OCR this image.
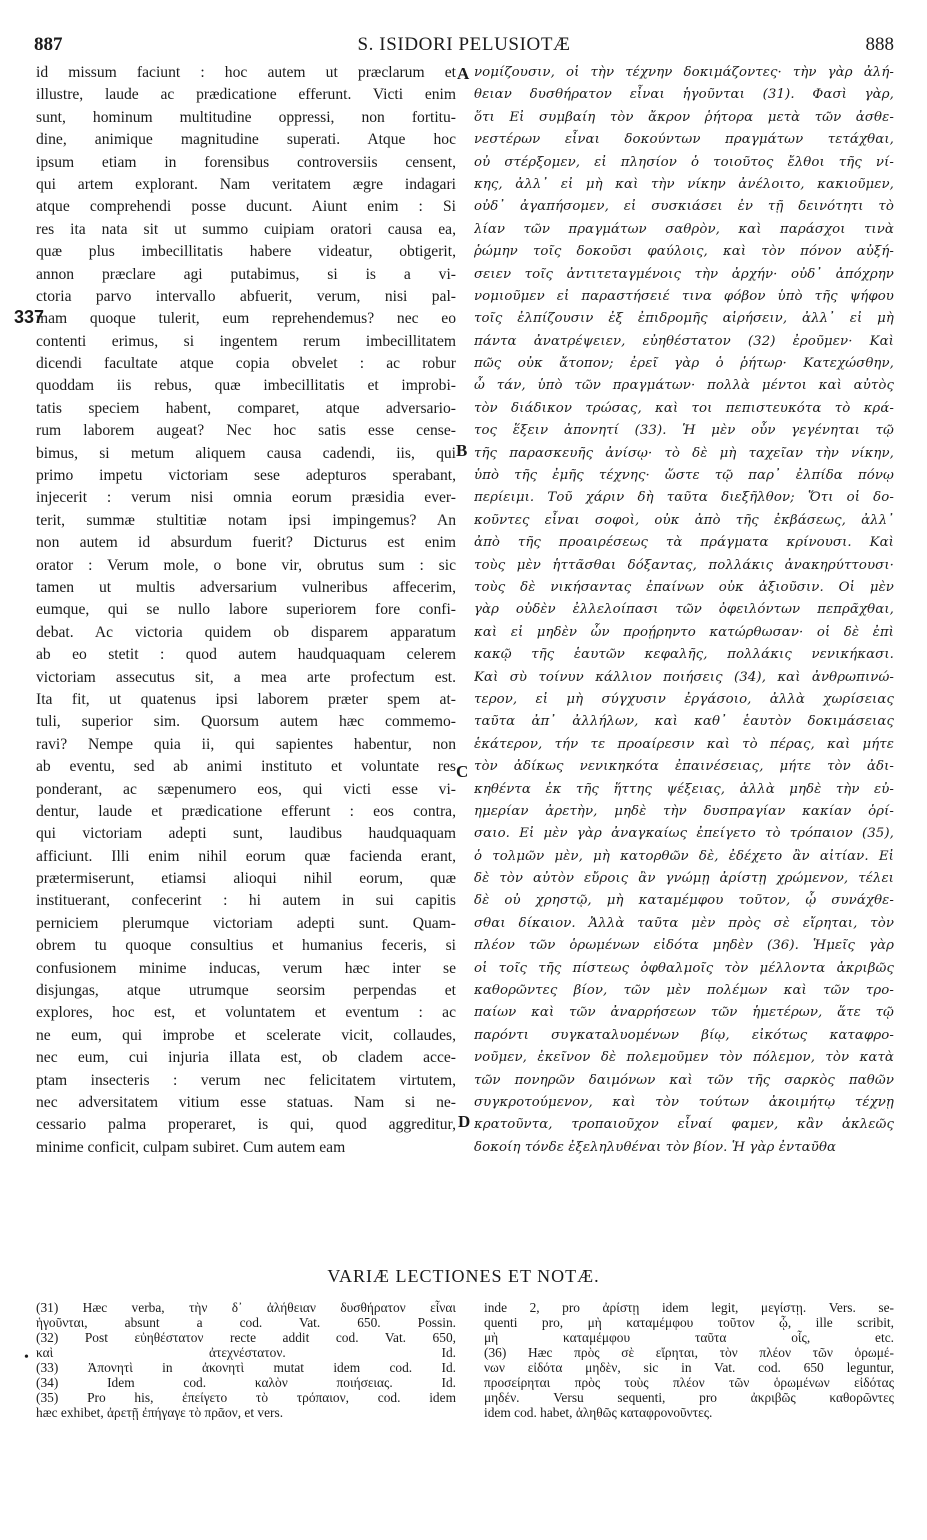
887	S. ISIDORI PELUSIOTÆ	888
337
A
B
C
D
id missum faciunt : hoc autem ut præclarum et
illustre, laude ac prædicatione efferunt. Victi enim
sunt, hominum multitudine oppressi, non fortitu-
dine, animique magnitudine superati. Atque hoc
ipsum etiam in forensibus controversiis censent,
qui artem explorant. Nam veritatem ægre indagari
atque comprehendi posse ducunt. Aiunt enim : Si
res ita nata sit ut summo cuipiam oratori causa ea,
quæ plus imbecillitatis habere videatur, obtigerit,
annon præclare agi putabimus, si is a vi-
ctoria parvo intervallo abfuerit, verum, nisi pal-
mam quoque tulerit, eum reprehendemus? nec eo
contenti erimus, si ingentem rerum imbecillitatem
dicendi facultate atque copia obvelet : ac robur
quoddam iis rebus, quæ imbecillitatis et improbi-
tatis speciem habent, comparet, atque adversario-
rum laborem augeat? Nec hoc satis esse cense-
bimus, si metum aliquem causa cadendi, iis, qui
primo impetu victoriam sese adepturos sperabant,
injecerit : verum nisi omnia eorum præsidia ever-
terit, summæ stultitiæ notam ipsi impingemus? An
non autem id absurdum fuerit? Dicturus est enim
orator : Verum mole, o bone vir, obrutus sum : sic
tamen ut multis adversarium vulneribus affecerim,
eumque, qui se nullo labore superiorem fore confi-
debat. Ac victoria quidem ob disparem apparatum
ab eo stetit : quod autem haudquaquam celerem
victoriam assecutus sit, a mea arte profectum est.
Ita fit, ut quatenus ipsi laborem præter spem at-
tuli, superior sim. Quorsum autem hæc commemo-
ravi? Nempe quia ii, qui sapientes habentur, non
ab eventu, sed ab animi instituto et voluntate res
ponderant, ac sæpenumero eos, qui victi esse vi-
dentur, laude et prædicatione efferunt : eos contra,
qui victoriam adepti sunt, laudibus haudquaquam
afficiunt. Illi enim nihil eorum quæ facienda erant,
prætermiserunt, etiamsi alioqui nihil eorum, quæ
instituerant, confecerint : hi autem in sui capitis
perniciem plerumque victoriam adepti sunt. Quam-
obrem tu quoque consultius et humanius feceris, si
confusionem minime inducas, verum hæc inter se
disjungas, atque utrumque seorsim perpendas et
explores, hoc est, et voluntatem et eventum : ac
ne eum, qui improbe et scelerate vicit, collaudes,
nec eum, cui injuria illata est, ob cladem acce-
ptam insecteris : verum nec felicitatem virtutem,
nec adversitatem vitium esse statuas. Nam si ne-
cessario palma properaret, is qui, quod aggreditur,
minime conficit, culpam subiret. Cum autem eam
νομίζουσιν, οἱ τὴν τέχνην δοκιμάζοντες· τὴν γὰρ ἀλή-
θειαν δυσθήρατον εἶναι ἡγοῦνται (31). Φασὶ γὰρ,
ὅτι Εἰ συμβαίη τὸν ἄκρον ῥήτορα μετὰ τῶν ἀσθε-
νεστέρων εἶναι δοκούντων πραγμάτων τετάχθαι,
οὐ στέρξομεν, εἰ πλησίον ὁ τοιοῦτος ἔλθοι τῆς νί-
κης, ἀλλ᾽ εἰ μὴ καὶ τὴν νίκην ἀνέλοιτο, κακιοῦμεν,
οὐδ᾽ ἀγαπήσομεν, εἰ συσκιάσει ἐν τῇ δεινότητι τὸ
λίαν τῶν πραγμάτων σαθρὸν, καὶ παράσχοι τινὰ
ῥώμην τοῖς δοκοῦσι φαύλοις, καὶ τὸν πόνον αὐξή-
σειεν τοῖς ἀντιτεταγμένοις τὴν ἀρχήν· οὐδ᾽ ἀπόχρην
νομιοῦμεν εἰ παραστήσειέ τινα φόβον ὑπὸ τῆς ψήφου
τοῖς ἐλπίζουσιν ἐξ ἐπιδρομῆς αἱρήσειν, ἀλλ᾽ εἰ μὴ
πάντα ἀνατρέψειεν, εὐηθέστατον (32) ἐροῦμεν· Καὶ
πῶς οὐκ ἄτοπον; ἐρεῖ γὰρ ὁ ῥήτωρ· Κατεχώσθην,
ὦ τάν, ὑπὸ τῶν πραγμάτων· πολλὰ μέντοι καὶ αὐτὸς
τὸν διάδικον τρώσας, καὶ τοι πεπιστευκότα τὸ κρά-
τος ἕξειν ἀπονητί (33). Ἡ μὲν οὖν γεγένηται τῷ
τῆς παρασκευῆς ἀνίσῳ· τὸ δὲ μὴ ταχεῖαν τὴν νίκην,
ὑπὸ τῆς ἐμῆς τέχνης· ὥστε τῷ παρ᾽ ἐλπίδα πόνῳ
περίειμι. Τοῦ χάριν δὴ ταῦτα διεξῆλθον; Ὅτι οἱ δο-
κοῦντες εἶναι σοφοὶ, οὐκ ἀπὸ τῆς ἐκβάσεως, ἀλλ᾽
ἀπὸ τῆς προαιρέσεως τὰ πράγματα κρίνουσι. Καὶ
τοὺς μὲν ἡττᾶσθαι δόξαντας, πολλάκις ἀνακηρύττουσι·
τοὺς δὲ νικήσαντας ἐπαίνων οὐκ ἀξιοῦσιν. Οἱ μὲν
γὰρ οὐδὲν ἐλλελοίπασι τῶν ὀφειλόντων πεπρᾶχθαι,
καὶ εἰ μηδὲν ὧν προῄρηντο κατώρθωσαν· οἱ δὲ ἐπὶ
κακῷ τῆς ἑαυτῶν κεφαλῆς, πολλάκις νενικήκασι.
Καὶ σὺ τοίνυν κάλλιον ποιήσεις (34), καὶ ἀνθρωπινώ-
τερον, εἰ μὴ σύγχυσιν ἐργάσοιο, ἀλλὰ χωρίσειας
ταῦτα ἀπ᾽ ἀλλήλων, καὶ καθ᾽ ἑαυτὸν δοκιμάσειας
ἑκάτερον, τήν τε προαίρεσιν καὶ τὸ πέρας, καὶ μήτε
τὸν ἀδίκως νενικηκότα ἐπαινέσειας, μήτε τὸν ἀδι-
κηθέντα ἐκ τῆς ἥττης ψέξειας, ἀλλὰ μηδὲ τὴν εὐ-
ημερίαν ἀρετὴν, μηδὲ τὴν δυσπραγίαν κακίαν ὁρί-
σαιο. Εἰ μὲν γὰρ ἀναγκαίως ἐπείγετο τὸ τρόπαιον (35),
ὁ τολμῶν μὲν, μὴ κατορθῶν δὲ, ἐδέχετο ἂν αἰτίαν. Εἰ
δὲ τὸν αὐτὸν εὔροις ἂν γνώμῃ ἀρίστῃ χρώμενον, τέλει
δὲ οὐ χρηστῷ, μὴ καταμέμφου τοῦτον, ᾧ συνάχθε-
σθαι δίκαιον. Ἀλλὰ ταῦτα μὲν πρὸς σὲ εἴρηται, τὸν
πλέον τῶν ὁρωμένων εἰδότα μηδὲν (36). Ἡμεῖς γὰρ
οἱ τοῖς τῆς πίστεως ὀφθαλμοῖς τὸν μέλλοντα ἀκριβῶς
καθορῶντες βίον, τῶν μὲν πολέμων καὶ τῶν τρο-
παίων καὶ τῶν ἀναρρήσεων τῶν ἡμετέρων, ἅτε τῷ
παρόντι συγκαταλυομένων βίῳ, εἰκότως καταφρο-
νοῦμεν, ἐκεῖνον δὲ πολεμοῦμεν τὸν πόλεμον, τὸν κατὰ
τῶν πονηρῶν δαιμόνων καὶ τῶν τῆς σαρκὸς παθῶν
συγκροτούμενον, καὶ τὸν τούτων ἀκοιμήτῳ τέχνῃ
κρατοῦντα, τροπαιοῦχον εἶναί φαμεν, κἂν ἀκλεῶς
δοκοίη τόνδε ἐξεληλυθέναι τὸν βίον. Ἡ γὰρ ἐνταῦθα
VARIÆ LECTIONES ET NOTÆ.
•
(31) Hæc verba, τὴν δ᾽ ἀλήθειαν δυσθήρατον εἶναι
ἡγοῦνται, absunt a cod. Vat. 650. Possin.
(32) Post εὐηθέστατον recte addit cod. Vat. 650,
καὶ ἀτεχνέστατον. Id.
(33) Ἀπονητὶ in ἀκονητὶ mutat idem cod. Id.
(34) Idem cod. καλὸν ποιήσειας. Id.
(35) Pro his, ἐπείγετο τὸ τρόπαιον, cod. idem
hæc exhibet, ἀρετῇ ἐπήγαγε τὸ πρᾶον, et vers.
inde 2, pro ἀρίστῃ idem legit, μεγίστῃ. Vers. se-
quenti pro, μὴ καταμέμφου τοῦτον ᾧ, ille scribit,
μὴ καταμέμφου ταῦτα οἷς, etc.
(36) Hæc πρὸς σὲ εἴρηται, τὸν πλέον τῶν ὁρωμέ-
νων εἰδότα μηδὲν, sic in Vat. cod. 650 leguntur,
προσείρηται πρὸς τοὺς πλέον τῶν ὁρωμένων εἰδότας
μηδέν. Versu sequenti, pro ἀκριβῶς καθορῶντες
idem cod. habet, ἀληθῶς καταφρονοῦντες.
